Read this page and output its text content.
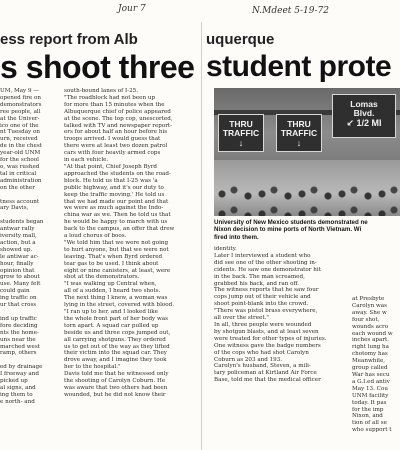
Jour 7	N.Mdeet 5-19-72
ess report from Alb
s shoot three
UM, May 9 —
opened fire on
demonstrators
ree people, all
at the Univer-
ico one of the
nt Tuesday on
urn, received
de in the chest
year-old UNM
for the school
o, was rushed
tal in critical
administration
on the other

tness account
ary Davis,

students began
antwar rally
iversity mall,
action, but a
showed up.
le antiwar ac-
hour, finally
opinion that
grow to about
use. Many felt
could gain
ing traffic on
ur that cross

ind up traffic
fore deciding
nts the home-
uns near the
marched west
ramp, others

ed by drainage
I freeway and
picked up
al signs, and
ing them to
e north- and
south-bound lanes of I-25.
"The roadblock had not been up
for more than 15 minutes when the
Albuquerque chief of police appeared
at the scene. The top cop, unescorted,
talked with TV and newspaper report-
ers for about half an hour before his
troops arrived. I would guess that
there were at least two dozen patrol
cars with four heavily armed cops
in each vehicle.
"At that point, Chief Joseph Byrd
approached the students on the road-
block. He told us that I-25 was 'a
public highway, and it's our duty to
keep the traffic moving.' He told us
that we had made our point and that
we were as much against the Indo-
china war as we. Then he told us that
he would be happy to march with us
back to the campus, an offer that drew
a loud chorus of boos.
"We told him that we were not going
to hurt anyone, but that we were not
leaving. That's when Byrd ordered
tear gas to be used. I think about
eight or nine canisters, at least, were
shot at the demonstrators.
"I was walking up Central when,
all of a sudden, I heard two shots.
The next thing I knew, a woman was
lying in the street, covered with blood.
"I ran up to her, and I looked like
the whole front part of her body was
torn apart. A squad car pulled up
beside us and three cops jumped out,
all carrying shotguns. They ordered
us to get out of the way as they lifted
their victim into the squad car. They
drove away, and I imagine they took
her to the hospital."
Davis told me that he witnessed only
the shooting of Carolyn Coburn. He
was aware that two others had been
wounded, but he did not know their
uquerque
student prote
THRU
TRAFFIC
↓
THRU
TRAFFIC
↓
Lomas
Blvd.
↙ 1/2 MI
University of New Mexico students demonstrated ne
Nixon decision to mine ports of North Vietnam. Wi
fired into them.
identity.
Later I interviewed a student who
did see one of the other shooting in-
cidents. He saw one demonstrator hit
in the back. The man screamed,
grabbed his back, and ran off.
The witness reports that he saw four
cops jump out of their vehicle and
shoot point-blank into the crowd.
"There was pistol brass everywhere,
all over the street."
In all, three people were wounded
by shotgun blasts, and at least seven
were treated for other types of injuries.
One witness gave the badge numbers
of the cops who had shot Carolyn
Coburn as 203 and 193.
Carolyn's husband, Steven, a mili-
tary policeman at Kirtland Air Force
Base, told me that the medical officer
at Presbyte
Carolyn was
away. She w
four shot,
wounds acro
each wound w
inches apart.
right lung ha
chotomy has
Meanwhile,
group called
War has secu
a G.I.ed antiv
May 13. Cou
UNM facility
today. It pas
for the imp
Nixon, and
tion of all se
who support t
